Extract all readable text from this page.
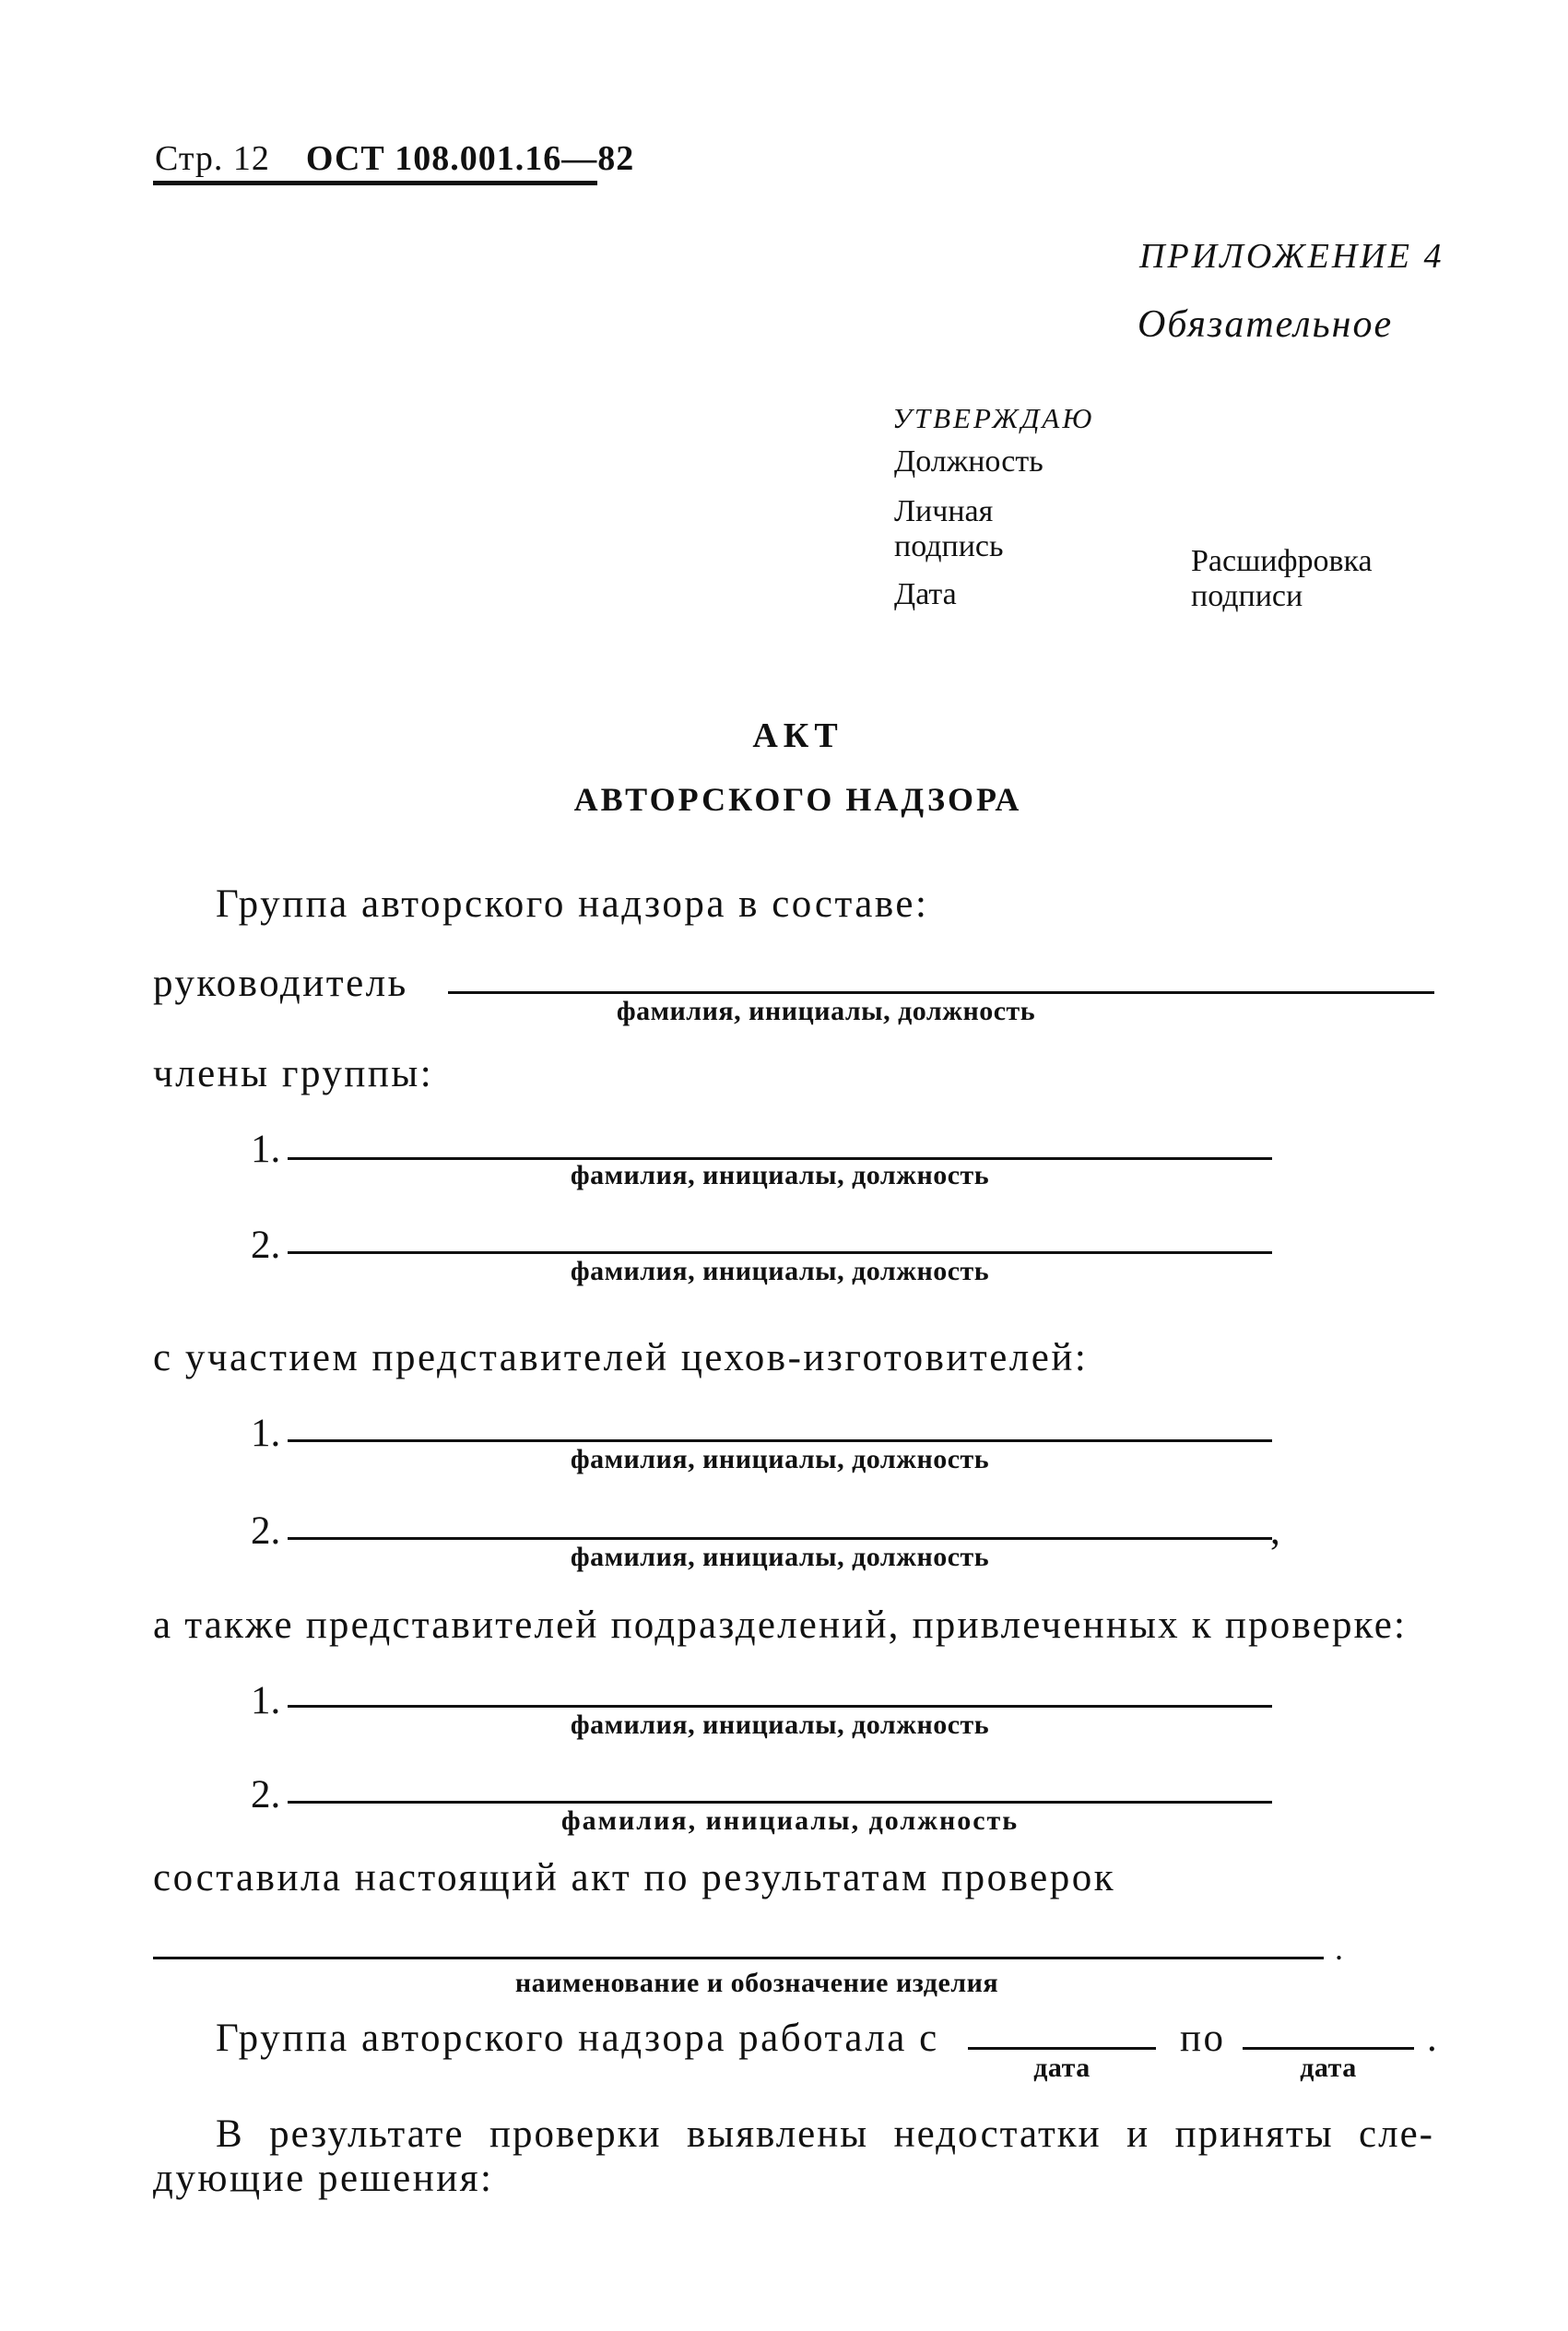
Стр. 12 ОСТ 108.001.16—82
ПРИЛОЖЕНИЕ 4
Обязательное
УТВЕРЖДАЮ
Должность
Личная
подпись	Расшифровка
подписи
Дата
АКТ
АВТОРСКОГО НАДЗОРА
Группа авторского надзора в составе:
руководитель
фамилия, инициалы, должность
члены группы:
1.
фамилия, инициалы, должность
2.
фамилия, инициалы, должность
с участием представителей цехов-изготовителей:
1.
фамилия, инициалы, должность
2.	,
фамилия, инициалы, должность
а также представителей подразделений, привлеченных к проверке:
1.
фамилия, инициалы, должность
2.
фамилия, инициалы, должность
составила настоящий акт по результатам проверок
.
наименование и обозначение изделия
Группа авторского надзора работала с
дата
по
дата
.
В результате проверки выявлены недостатки и приняты сле-
дующие решения:
